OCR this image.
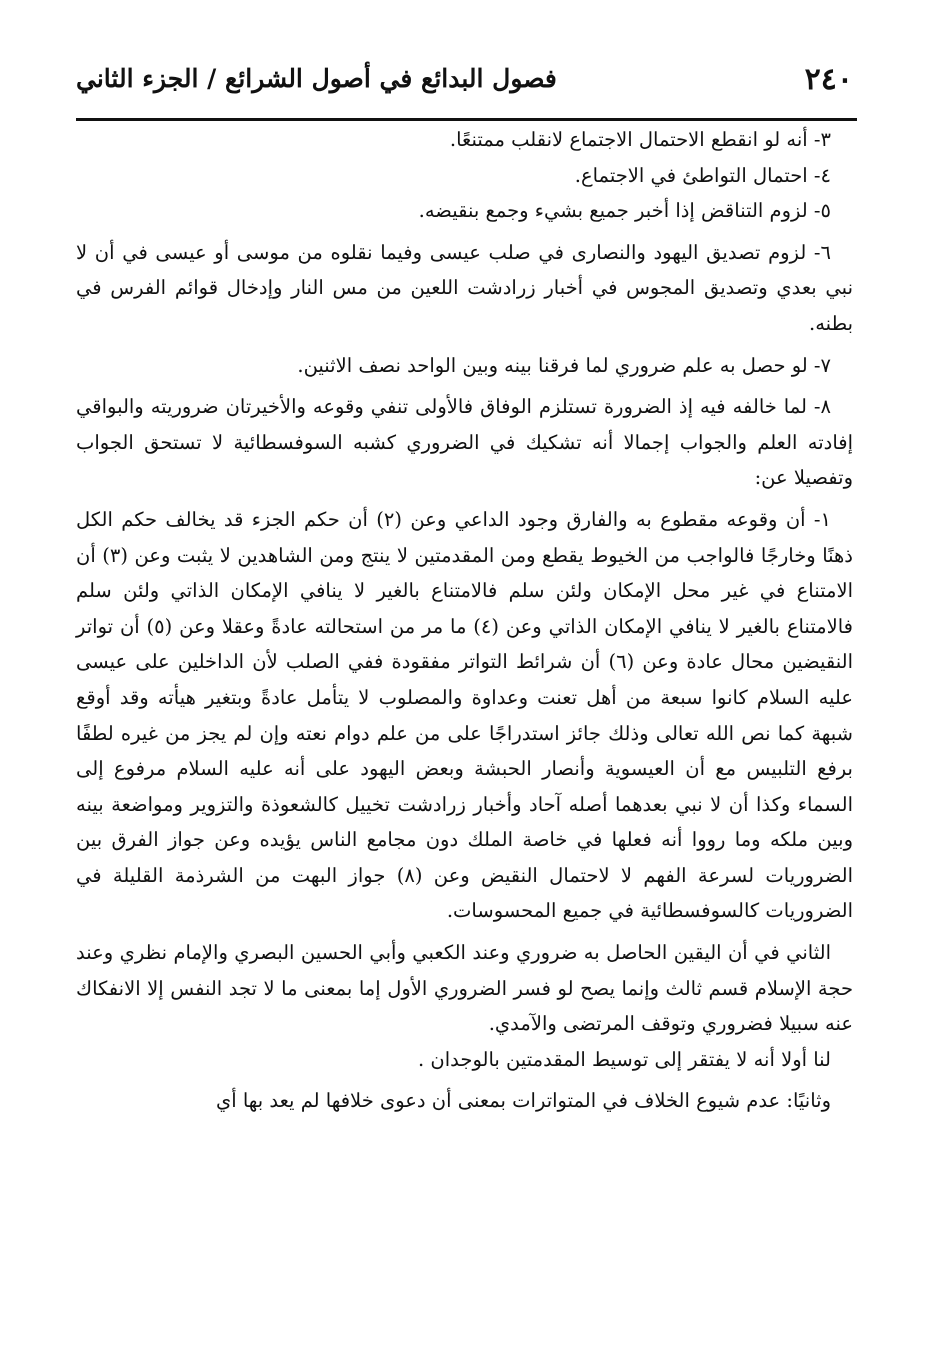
٢٤٠
فصول البدائع في أصول الشرائع / الجزء الثاني

٣- أنه لو انقطع الاحتمال الاجتماع لانقلب ممتنعًا.

٤- احتمال التواطئ في الاجتماع.

٥- لزوم التناقض إذا أخبر جميع بشيء وجمع بنقيضه.

٦- لزوم تصديق اليهود والنصارى في صلب عيسى وفيما نقلوه من موسى أو عيسى في أن لا نبي بعدي وتصديق المجوس في أخبار زرادشت اللعين من مس النار وإدخال قوائم الفرس في بطنه.

٧- لو حصل به علم ضروري لما فرقنا بينه وبين الواحد نصف الاثنين.

٨- لما خالفه فيه إذ الضرورة تستلزم الوفاق فالأولى تنفي وقوعه والأخيرتان ضروريته والبواقي إفادته العلم والجواب إجمالا أنه تشكيك في الضروري كشبه السوفسطائية لا تستحق الجواب وتفصيلا عن:

١- أن وقوعه مقطوع به والفارق وجود الداعي وعن (٢) أن حكم الجزء قد يخالف حكم الكل ذهنًا وخارجًا فالواجب من الخيوط يقطع ومن المقدمتين لا ينتج ومن الشاهدين لا يثبت وعن (٣) أن الامتناع في غير محل الإمكان ولئن سلم فالامتناع بالغير لا ينافي الإمكان الذاتي ولئن سلم فالامتناع بالغير لا ينافي الإمكان الذاتي وعن (٤) ما مر من استحالته عادةً وعقلا وعن (٥) أن تواتر النقيضين محال عادة وعن (٦) أن شرائط التواتر مفقودة ففي الصلب لأن الداخلين على عيسى عليه السلام كانوا سبعة من أهل تعنت وعداوة والمصلوب لا يتأمل عادةً وبتغير هيأته وقد أوقع شبهة كما نص الله تعالى وذلك جائز استدراجًا على من علم دوام نعته وإن لم يجز من غيره لطفًا برفع التلبيس مع أن العيسوية وأنصار الحبشة وبعض اليهود على أنه عليه السلام مرفوع إلى السماء وكذا أن لا نبي بعدهما أصله آحاد وأخبار زرادشت تخييل كالشعوذة والتزوير ومواضعة بينه وبين ملكه وما رووا أنه فعلها في خاصة الملك دون مجامع الناس يؤيده وعن جواز الفرق بين الضروريات لسرعة الفهم لا لاحتمال النقيض وعن (٨) جواز البهت من الشرذمة القليلة في الضروريات كالسوفسطائية في جميع المحسوسات.

الثاني في أن اليقين الحاصل به ضروري وعند الكعبي وأبي الحسين البصري والإمام نظري وعند حجة الإسلام قسم ثالث وإنما يصح لو فسر الضروري الأول إما بمعنى ما لا تجد النفس إلا الانفكاك عنه سبيلا فضروري وتوقف المرتضى والآمدي.

لنا أولا أنه لا يفتقر إلى توسيط المقدمتين بالوجدان .

وثانيًا: عدم شيوع الخلاف في المتواترات بمعنى أن دعوى خلافها لم يعد بها أي
